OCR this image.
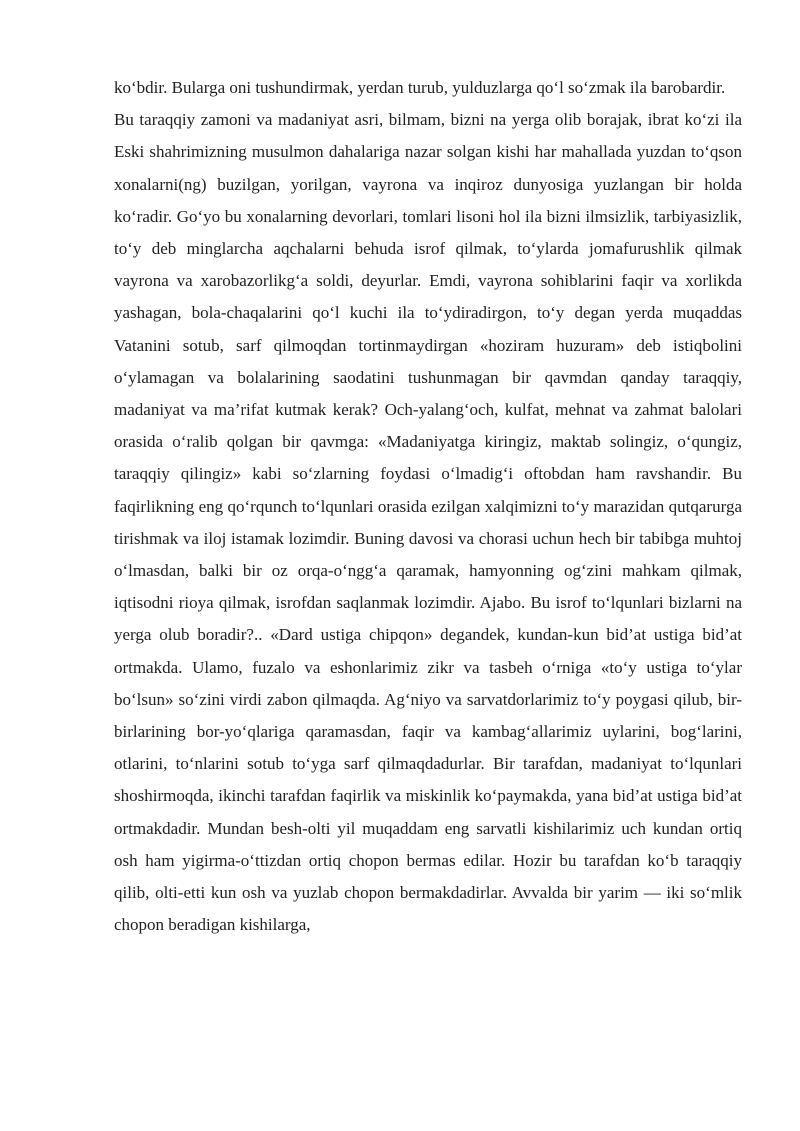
ko‘bdir. Bularga oni tushundirmak, yerdan turub, yulduzlarga qo‘l so‘zmak ila barobardir.

Bu taraqqiy zamoni va madaniyat asri, bilmam, bizni na yerga olib borajak, ibrat ko‘zi ila Eski shahrimizning musulmon dahalariga nazar solgan kishi har mahallada yuzdan to‘qson xonalarni(ng) buzilgan, yorilgan, vayrona va inqiroz dunyosiga yuzlangan bir holda ko‘radir. Go‘yo bu xonalarning devorlari, tomlari lisoni hol ila bizni ilmsizlik, tarbiyasizlik, to‘y deb minglarcha aqchalarni behuda isrof qilmak, to‘ylarda jomafurushlik qilmak vayrona va xarobazorlikg‘a soldi, deyurlar. Emdi, vayrona sohiblarini faqir va xorlikda yashagan, bola-chaqalarini qo‘l kuchi ila to‘ydiradirgon, to‘y degan yerda muqaddas Vatanini sotub, sarf qilmoqdan tortinmaydirgan «hoziram huzuram» deb istiqbolini o‘ylamagan va bolalarining saodatini tushunmagan bir qavmdan qanday taraqqiy, madaniyat va ma’rifat kutmak kerak? Och-yalang‘och, kulfat, mehnat va zahmat balolari orasida o‘ralib qolgan bir qavmga: «Madaniyatga kiringiz, maktab solingiz, o‘qungiz, taraqqiy qilingiz» kabi so‘zlarning foydasi o‘lmadig‘i oftobdan ham ravshandir. Bu faqirlikning eng qo‘rqunch to‘lqunlari orasida ezilgan xalqimizni to‘y marazidan qutqarurga tirishmak va iloj istamak lozimdir. Buning davosi va chorasi uchun hech bir tabibga muhtoj o‘lmasdan, balki bir oz orqa-o‘ngg‘a qaramak, hamyonning og‘zini mahkam qilmak, iqtisodni rioya qilmak, isrofdan saqlanmak lozimdir. Ajabo. Bu isrof to‘lqunlari bizlarni na yerga olub boradir?.. «Dard ustiga chipqon» degandek, kundan-kun bid’at ustiga bid’at ortmakda. Ulamo, fuzalo va eshonlarimiz zikr va tasbeh o‘rniga «to‘y ustiga to‘ylar bo‘lsun» so‘zini virdi zabon qilmaqda. Ag‘niyo va sarvatdorlarimiz to‘y poygasi qilub, bir-birlarining bor-yo‘qlariga qaramasdan, faqir va kambag‘allarimiz uylarini, bog‘larini, otlarini, to‘nlarini sotub to‘yga sarf qilmaqdadurlar. Bir tarafdan, madaniyat to‘lqunlari shoshirmoqda, ikinchi tarafdan faqirlik va miskinlik ko‘paymakda, yana bid’at ustiga bid’at ortmakdadir. Mundan besh-olti yil muqaddam eng sarvatli kishilarimiz uch kundan ortiq osh ham yigirma-o‘ttizdan ortiq chopon bermas edilar. Hozir bu tarafdan ko‘b taraqqiy qilib, olti-etti kun osh va yuzlab chopon bermakdadirlar. Avvalda bir yarim — iki so‘mlik chopon beradigan kishilarga,
